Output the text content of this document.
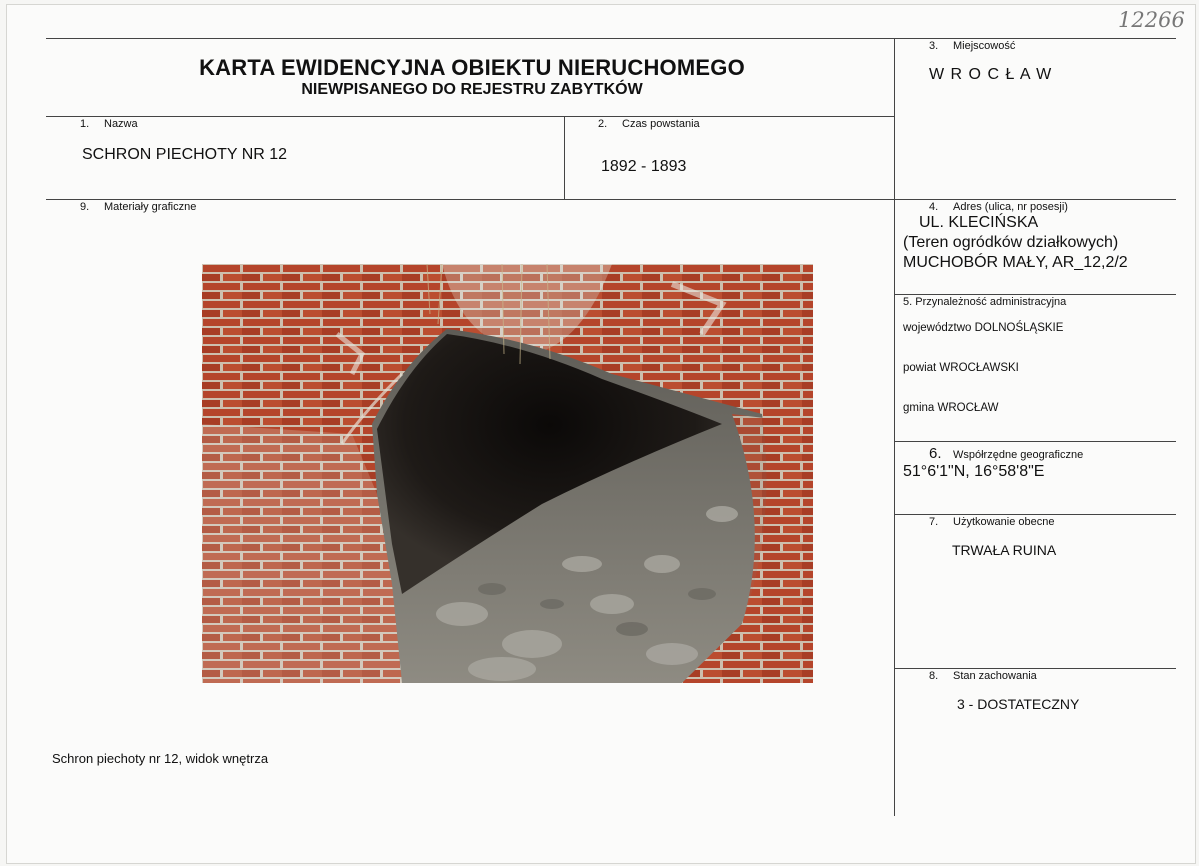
12266
KARTA EWIDENCYJNA OBIEKTU NIERUCHOMEGO
NIEWPISANEGO DO REJESTRU ZABYTKÓW
1. Nazwa
SCHRON PIECHOTY NR 12
2. Czas powstania
1892 - 1893
3. Miejscowość
W R O C Ł A W
4. Adres (ulica, nr posesji)
UL. KLECIŃSKA
(Teren ogródków działkowych)
MUCHOBÓR MAŁY, AR_12,2/2
5. Przynależność administracyjna
województwo DOLNOŚLĄSKIE
powiat WROCŁAWSKI
gmina WROCŁAW
6. Współrzędne geograficzne
51°6'1"N, 16°58'8"E
7. Użytkowanie obecne
TRWAŁA RUINA
8. Stan zachowania
3 - DOSTATECZNY
9. Materiały graficzne
Schron piechoty nr 12, widok wnętrza
